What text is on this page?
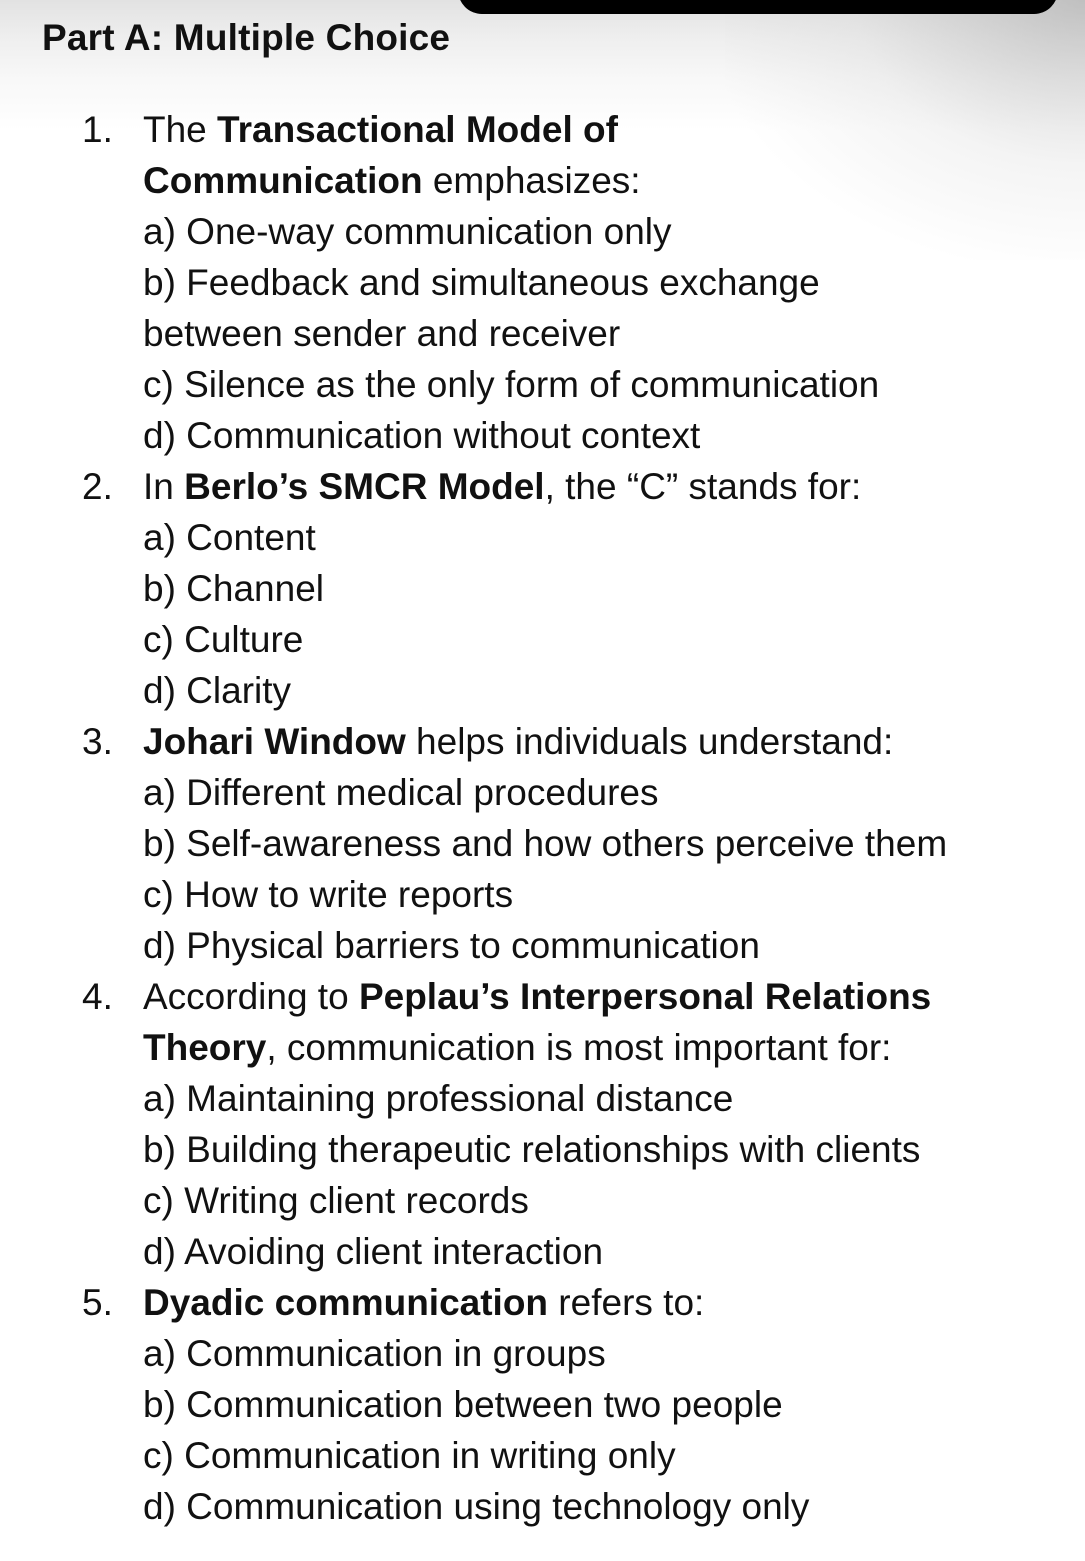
Part A: Multiple Choice
1. The Transactional Model of Communication emphasizes:
a) One-way communication only
b) Feedback and simultaneous exchange between sender and receiver
c) Silence as the only form of communication
d) Communication without context
2. In Berlo’s SMCR Model, the “C” stands for:
a) Content
b) Channel
c) Culture
d) Clarity
3. Johari Window helps individuals understand:
a) Different medical procedures
b) Self-awareness and how others perceive them
c) How to write reports
d) Physical barriers to communication
4. According to Peplau’s Interpersonal Relations Theory, communication is most important for:
a) Maintaining professional distance
b) Building therapeutic relationships with clients
c) Writing client records
d) Avoiding client interaction
5. Dyadic communication refers to:
a) Communication in groups
b) Communication between two people
c) Communication in writing only
d) Communication using technology only
